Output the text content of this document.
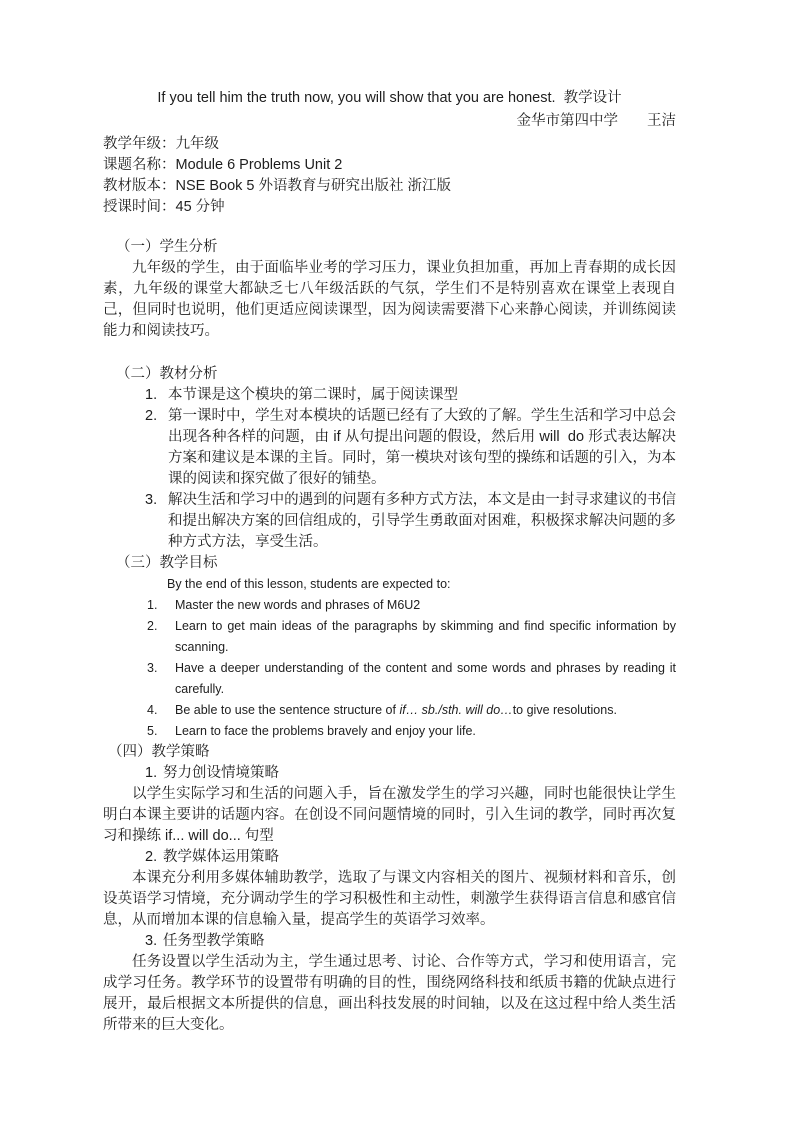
If you tell him the truth now, you will show that you are honest.  教学设计
金华市第四中学　　王洁
教学年级：九年级
课题名称：Module 6 Problems Unit 2
教材版本：NSE Book 5 外语教育与研究出版社 浙江版
授课时间：45 分钟
（一）学生分析
九年级的学生，由于面临毕业考的学习压力，课业负担加重，再加上青春期的成长因素，九年级的课堂大都缺乏七八年级活跃的气氛，学生们不是特别喜欢在课堂上表现自己，但同时也说明，他们更适应阅读课型，因为阅读需要潜下心来静心阅读，并训练阅读能力和阅读技巧。
（二）教材分析
1. 本节课是这个模块的第二课时，属于阅读课型
2. 第一课时中，学生对本模块的话题已经有了大致的了解。学生生活和学习中总会出现各种各样的问题，由 if 从句提出问题的假设，然后用 will  do 形式表达解决方案和建议是本课的主旨。同时，第一模块对该句型的操练和话题的引入，为本课的阅读和探究做了很好的铺垫。
3. 解决生活和学习中的遇到的问题有多种方式方法，本文是由一封寻求建议的书信和提出解决方案的回信组成的，引导学生勇敢面对困难，积极探求解决问题的多种方式方法，享受生活。
（三）教学目标
By the end of this lesson, students are expected to:
1.	Master the new words and phrases of M6U2
2.	Learn to get main ideas of the paragraphs by skimming and find specific information by scanning.
3.	Have a deeper understanding of the content and some words and phrases by reading it carefully.
4.	Be able to use the sentence structure of if… sb./sth. will do…to give resolutions.
5.	Learn to face the problems bravely and enjoy your life.
（四）教学策略
1. 努力创设情境策略
以学生实际学习和生活的问题入手，旨在激发学生的学习兴趣，同时也能很快让学生明白本课主要讲的话题内容。在创设不同问题情境的同时，引入生词的教学，同时再次复习和操练 if... will do... 句型
2. 教学媒体运用策略
本课充分利用多媒体辅助教学，选取了与课文内容相关的图片、视频材料和音乐，创设英语学习情境，充分调动学生的学习积极性和主动性，刺激学生获得语言信息和感官信息，从而增加本课的信息输入量，提高学生的英语学习效率。
3. 任务型教学策略
任务设置以学生活动为主，学生通过思考、讨论、合作等方式，学习和使用语言，完成学习任务。教学环节的设置带有明确的目的性，围绕网络科技和纸质书籍的优缺点进行展开，最后根据文本所提供的信息，画出科技发展的时间轴，以及在这过程中给人类生活所带来的巨大变化。
